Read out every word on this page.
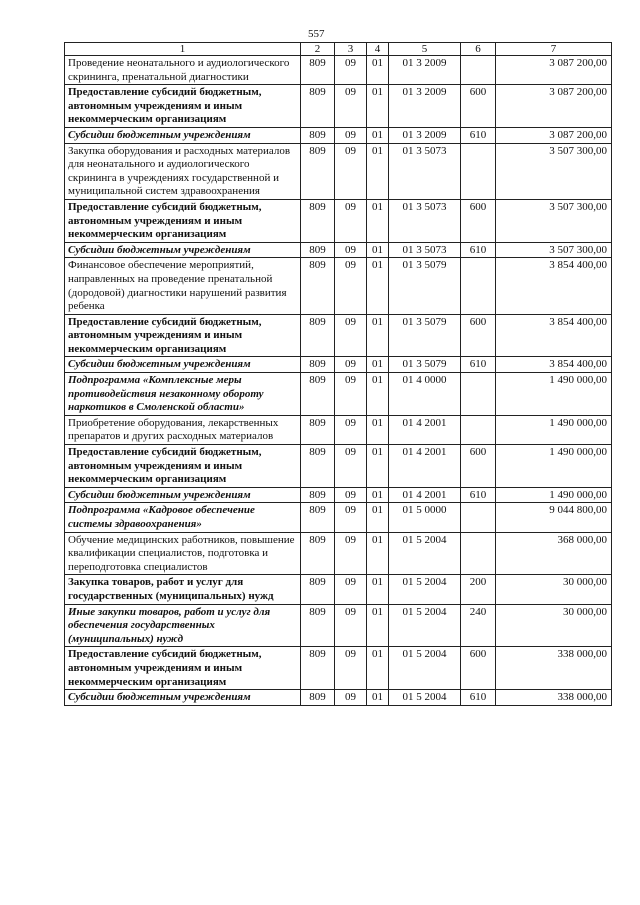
557
1	2	3	4	5	6	7
Проведение неонатального и аудиологического скрининга, пренатальной диагностики	809	09	01	01 3 2009		3 087 200,00
Предоставление субсидий бюджетным, автономным учреждениям и иным некоммерческим организациям	809	09	01	01 3 2009	600	3 087 200,00
Субсидии бюджетным учреждениям	809	09	01	01 3 2009	610	3 087 200,00
Закупка оборудования и расходных материалов для неонатального и аудиологического скрининга в учреждениях государственной и муниципальной систем здравоохранения	809	09	01	01 3 5073		3 507 300,00
Предоставление субсидий бюджетным, автономным учреждениям и иным некоммерческим организациям	809	09	01	01 3 5073	600	3 507 300,00
Субсидии бюджетным учреждениям	809	09	01	01 3 5073	610	3 507 300,00
Финансовое обеспечение мероприятий, направленных на проведение пренатальной (дородовой) диагностики нарушений развития ребенка	809	09	01	01 3 5079		3 854 400,00
Предоставление субсидий бюджетным, автономным учреждениям и иным некоммерческим организациям	809	09	01	01 3 5079	600	3 854 400,00
Субсидии бюджетным учреждениям	809	09	01	01 3 5079	610	3 854 400,00
Подпрограмма «Комплексные меры противодействия незаконному обороту наркотиков в Смоленской области»	809	09	01	01 4 0000		1 490 000,00
Приобретение оборудования, лекарственных препаратов и других расходных материалов	809	09	01	01 4 2001		1 490 000,00
Предоставление субсидий бюджетным, автономным учреждениям и иным некоммерческим организациям	809	09	01	01 4 2001	600	1 490 000,00
Субсидии бюджетным учреждениям	809	09	01	01 4 2001	610	1 490 000,00
Подпрограмма «Кадровое обеспечение системы здравоохранения»	809	09	01	01 5 0000		9 044 800,00
Обучение медицинских работников, повышение квалификации специалистов, подготовка и переподготовка специалистов	809	09	01	01 5 2004		368 000,00
Закупка товаров, работ и услуг для государственных (муниципальных) нужд	809	09	01	01 5 2004	200	30 000,00
Иные закупки товаров, работ и услуг для обеспечения государственных (муниципальных) нужд	809	09	01	01 5 2004	240	30 000,00
Предоставление субсидий бюджетным, автономным учреждениям и иным некоммерческим организациям	809	09	01	01 5 2004	600	338 000,00
Субсидии бюджетным учреждениям	809	09	01	01 5 2004	610	338 000,00
